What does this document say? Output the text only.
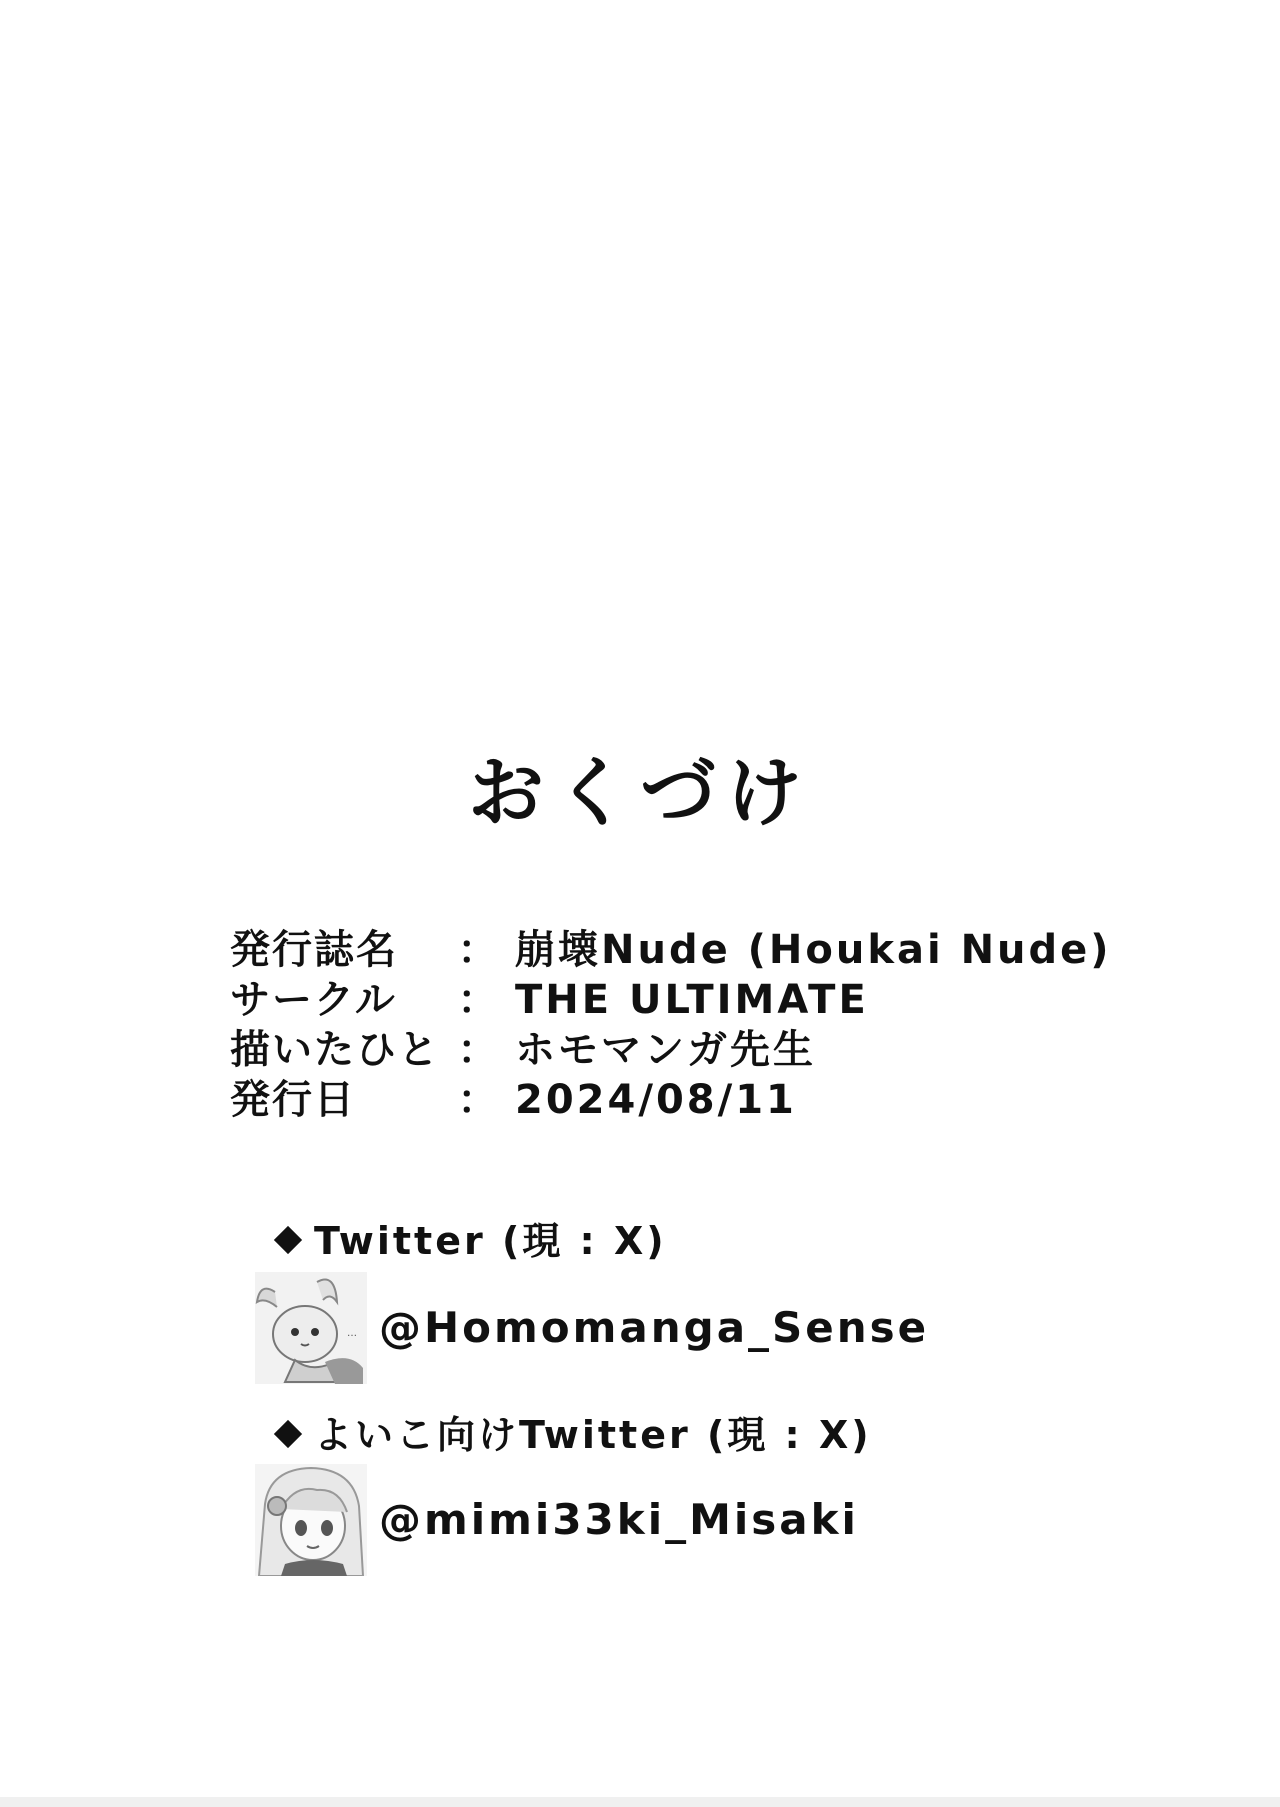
おくづけ
発行誌名	： 崩壊Nude (Houkai Nude)
サークル	： THE ULTIMATE
描いたひと ： ホモマンガ先生
発行日	： 2024/08/11
Twitter (現 : X)
… @Homomanga_Sense
よいこ向けTwitter (現 : X)
@mimi33ki_Misaki
